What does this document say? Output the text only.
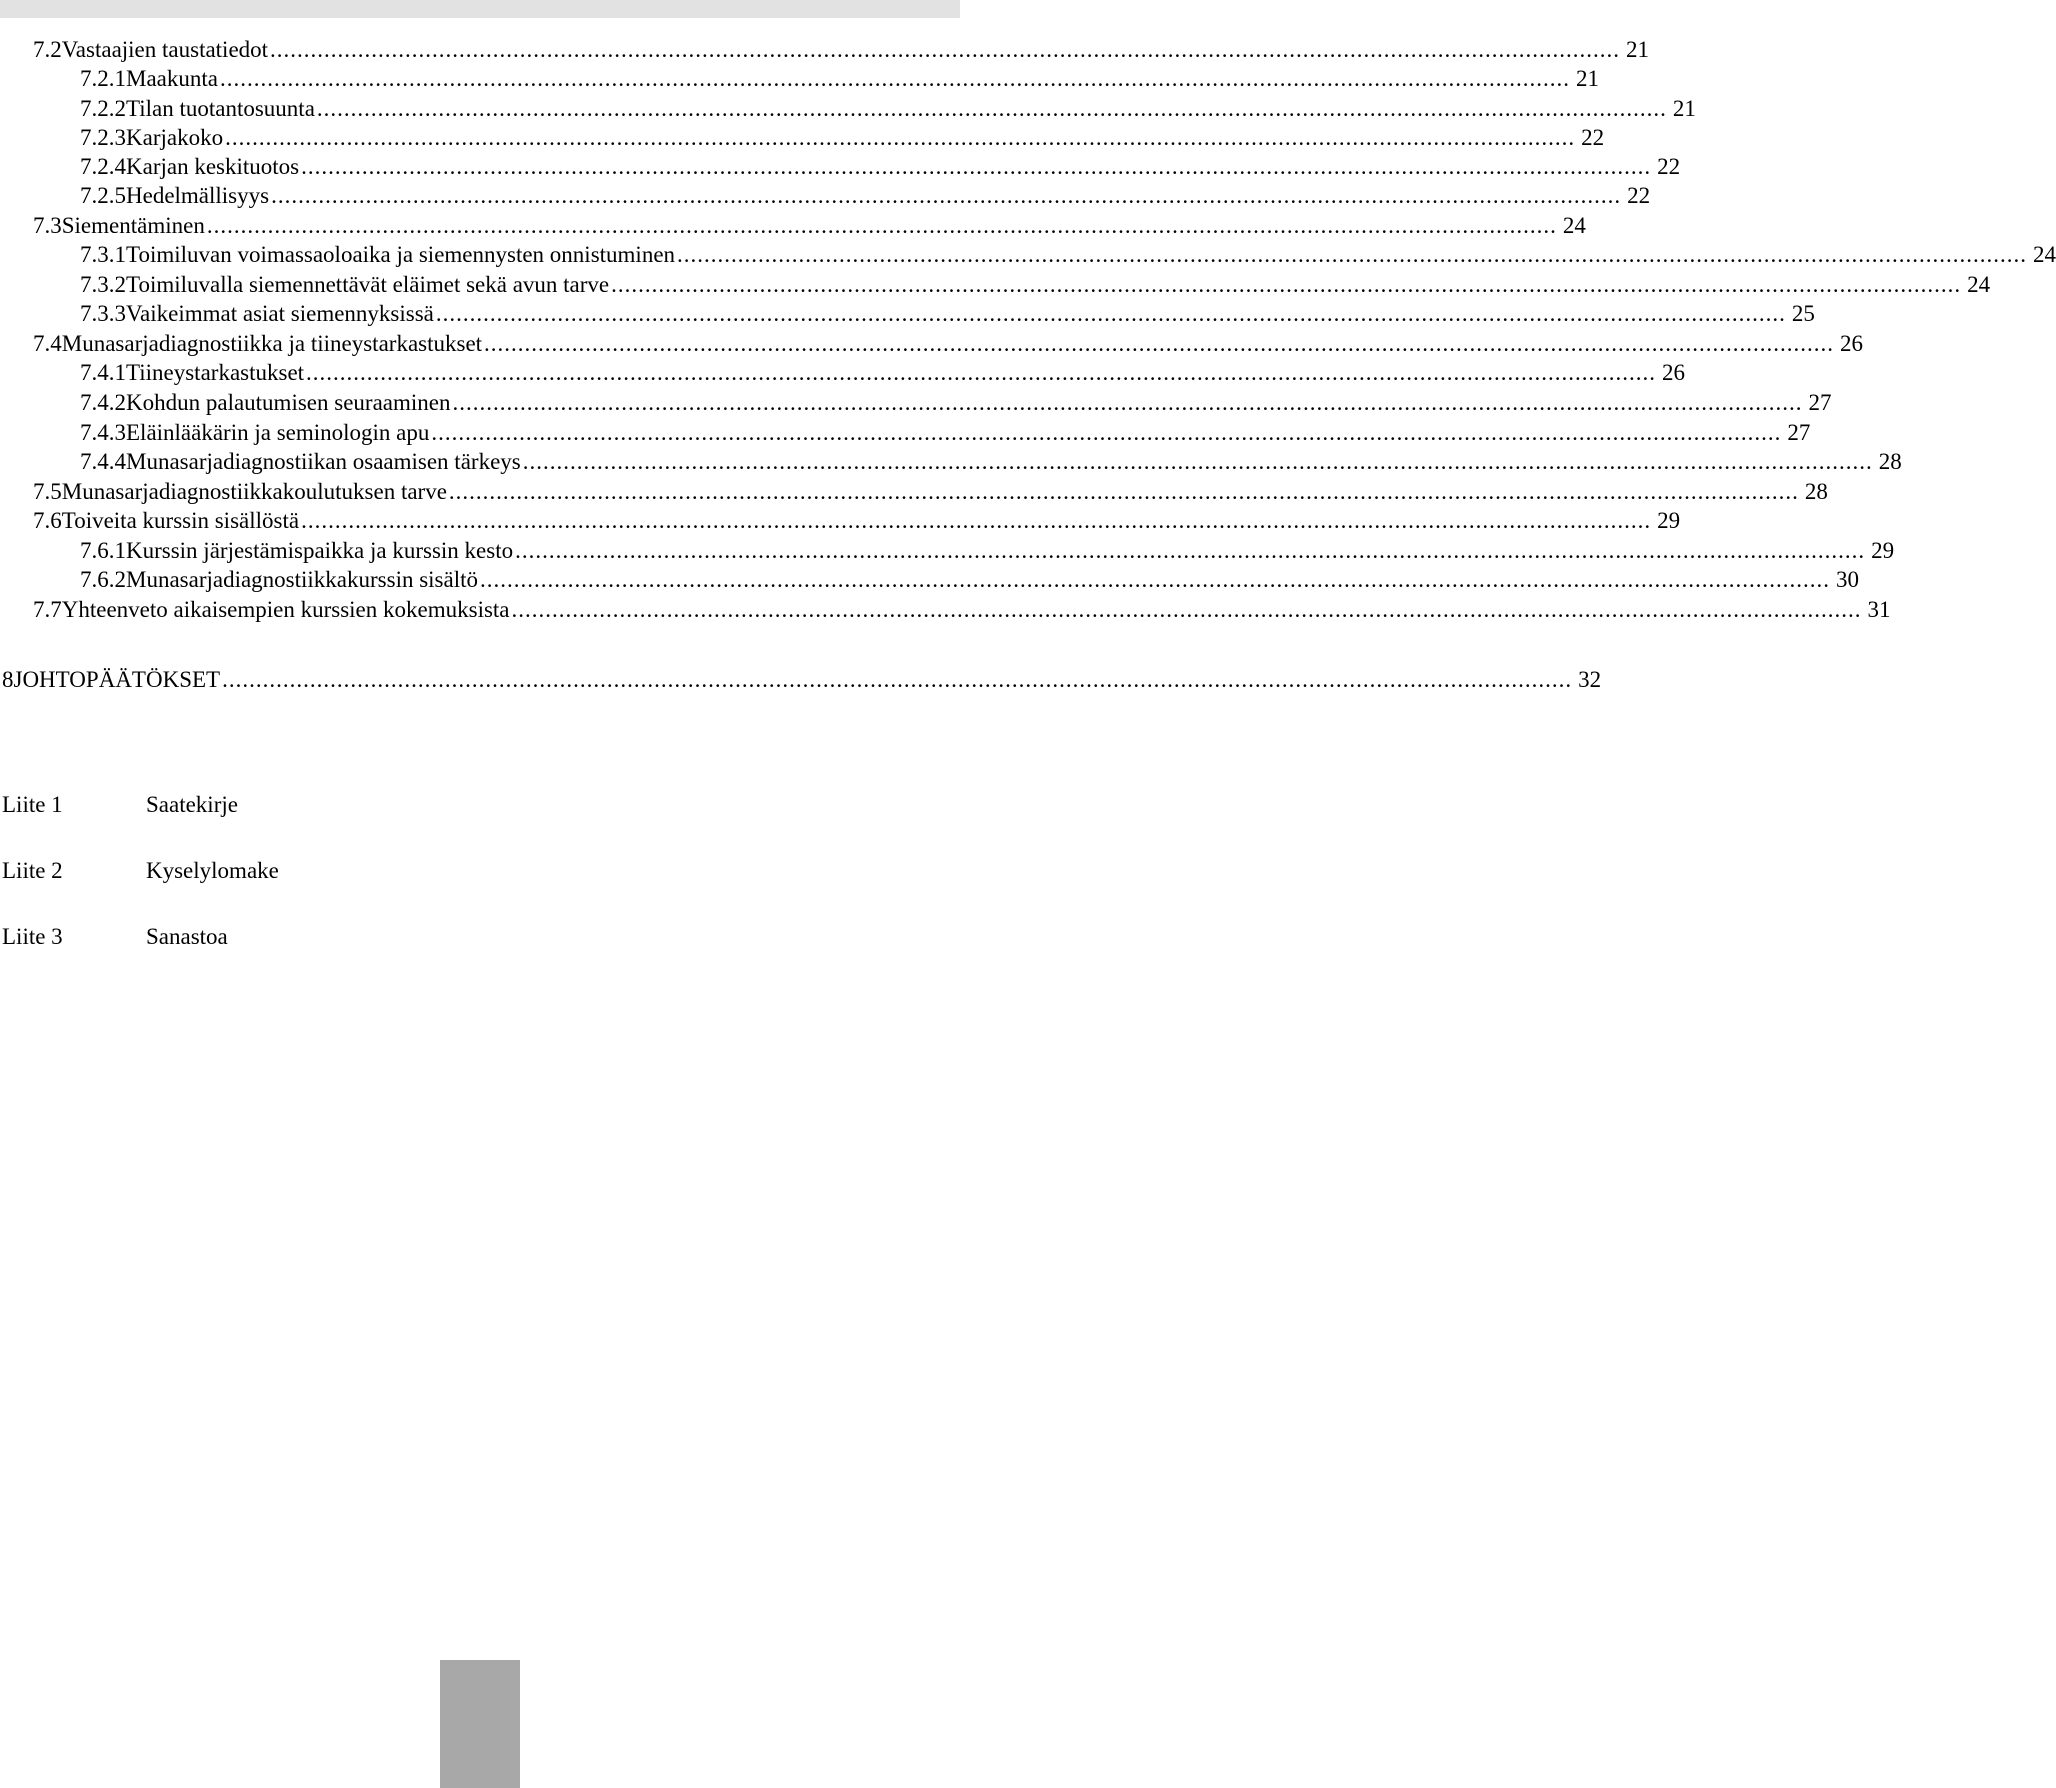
7.2 Vastaajien taustatiedot ........................................................................................................................................................................................................ 21
7.2.1 Maakunta ........................................................................................................................................................................................................ 21
7.2.2 Tilan tuotantosuunta ........................................................................................................................................................................................................ 21
7.2.3 Karjakoko ........................................................................................................................................................................................................ 22
7.2.4 Karjan keskituotos ........................................................................................................................................................................................................ 22
7.2.5 Hedelmällisyys ........................................................................................................................................................................................................ 22
7.3 Siementäminen ........................................................................................................................................................................................................ 24
7.3.1 Toimiluvan voimassaoloaika ja siemennysten onnistuminen ........................................................................................................................................................................................................ 24
7.3.2 Toimiluvalla siemennettävät eläimet sekä avun tarve ........................................................................................................................................................................................................ 24
7.3.3 Vaikeimmat asiat siemennyksissä ........................................................................................................................................................................................................ 25
7.4 Munasarjadiagnostiikka ja tiineystarkastukset ........................................................................................................................................................................................................ 26
7.4.1 Tiineystarkastukset ........................................................................................................................................................................................................ 26
7.4.2 Kohdun palautumisen seuraaminen ........................................................................................................................................................................................................ 27
7.4.3 Eläinlääkärin ja seminologin apu ........................................................................................................................................................................................................ 27
7.4.4 Munasarjadiagnostiikan osaamisen tärkeys ........................................................................................................................................................................................................ 28
7.5 Munasarjadiagnostiikkakoulutuksen tarve ........................................................................................................................................................................................................ 28
7.6 Toiveita kurssin sisällöstä ........................................................................................................................................................................................................ 29
7.6.1 Kurssin järjestämispaikka ja kurssin kesto ........................................................................................................................................................................................................ 29
7.6.2 Munasarjadiagnostiikkakurssin sisältö ........................................................................................................................................................................................................ 30
7.7 Yhteenveto aikaisempien kurssien kokemuksista ........................................................................................................................................................................................................ 31
8 JOHTOPÄÄTÖKSET ........................................................................................................................................................................................................ 32
Liite 1	Saatekirje
Liite 2	Kyselylomake
Liite 3	Sanastoa
